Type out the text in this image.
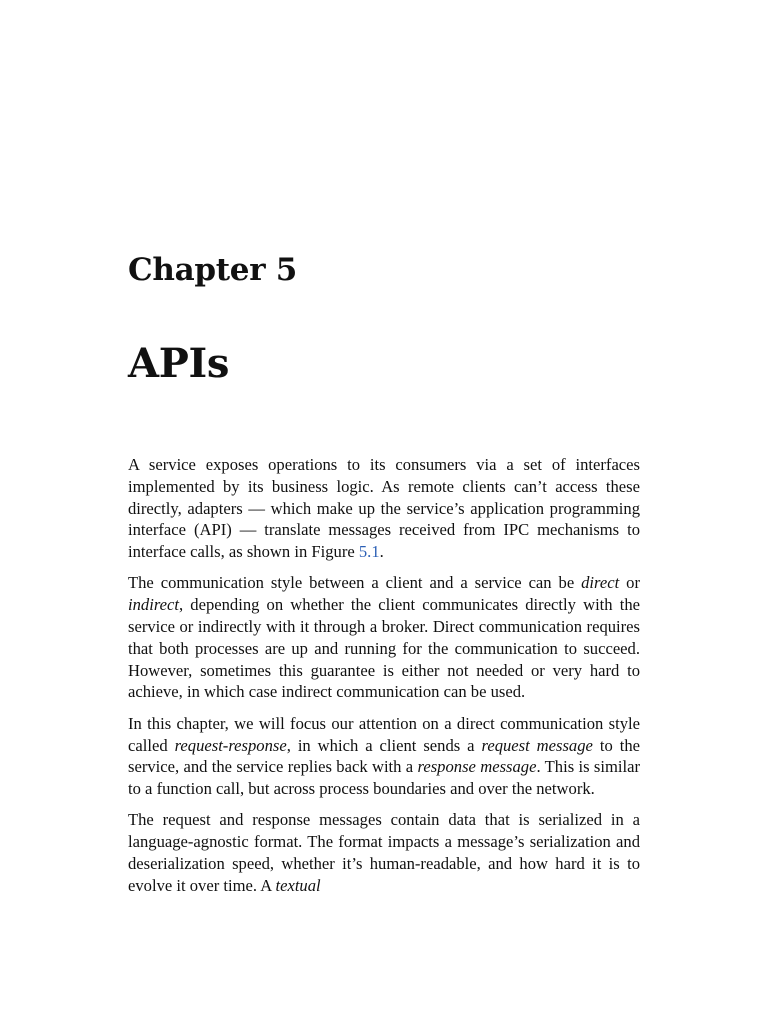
Chapter 5
APIs

A service exposes operations to its consumers via a set of interfaces implemented by its business logic. As remote clients can’t access these directly, adapters — which make up the service’s application programming interface (API) — translate messages received from IPC mechanisms to interface calls, as shown in Figure 5.1.

The communication style between a client and a service can be direct or indirect, depending on whether the client communicates directly with the service or indirectly with it through a broker. Direct communication requires that both processes are up and running for the communication to succeed. However, sometimes this guarantee is either not needed or very hard to achieve, in which case indirect communication can be used.

In this chapter, we will focus our attention on a direct communication style called request-response, in which a client sends a request message to the service, and the service replies back with a response message. This is similar to a function call, but across process boundaries and over the network.

The request and response messages contain data that is serialized in a language-agnostic format. The format impacts a message’s serialization and deserialization speed, whether it’s human-readable, and how hard it is to evolve it over time. A textual
